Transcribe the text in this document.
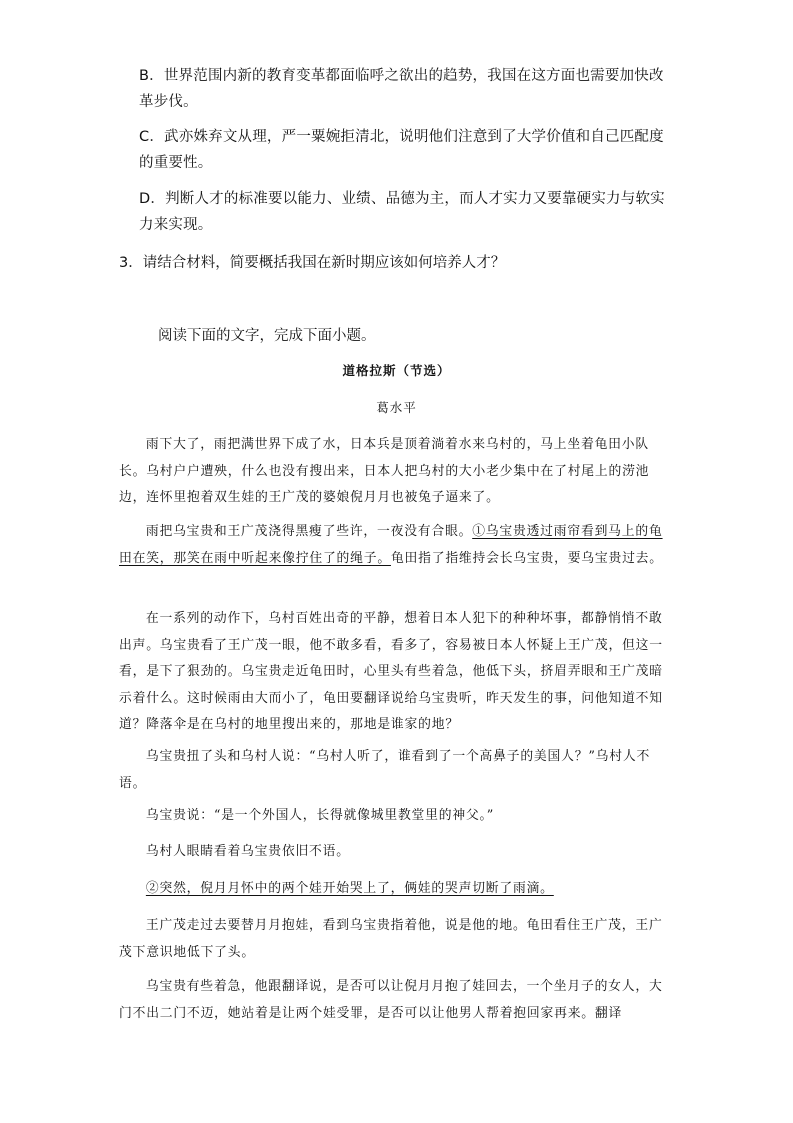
B．世界范围内新的教育变革都面临呼之欲出的趋势，我国在这方面也需要加快改革步伐。
C．武亦姝弃文从理，严一粟婉拒清北，说明他们注意到了大学价值和自己匹配度的重要性。
D．判断人才的标准要以能力、业绩、品德为主，而人才实力又要靠硬实力与软实力来实现。
3．请结合材料，简要概括我国在新时期应该如何培养人才？
阅读下面的文字，完成下面小题。
道格拉斯（节选）
葛水平
雨下大了，雨把满世界下成了水，日本兵是顶着淌着水来乌村的，马上坐着龟田小队长。乌村户户遭殃，什么也没有搜出来，日本人把乌村的大小老少集中在了村尾上的涝池边，连怀里抱着双生娃的王广茂的婆娘倪月月也被兔子逼来了。
雨把乌宝贵和王广茂浇得黑瘦了些许，一夜没有合眼。①乌宝贵透过雨帘看到马上的龟田在笑，那笑在雨中听起来像拧住了的绳子。龟田指了指维持会长乌宝贵，要乌宝贵过去。
在一系列的动作下，乌村百姓出奇的平静，想着日本人犯下的种种坏事，都静悄悄不敢出声。乌宝贵看了王广茂一眼，他不敢多看，看多了，容易被日本人怀疑上王广茂，但这一看，是下了狠劲的。乌宝贵走近龟田时，心里头有些着急，他低下头，挤眉弄眼和王广茂暗示着什么。这时候雨由大而小了，龟田要翻译说给乌宝贵听，昨天发生的事，问他知道不知道？降落伞是在乌村的地里搜出来的，那地是谁家的地？
乌宝贵扭了头和乌村人说：“乌村人听了，谁看到了一个高鼻子的美国人？”乌村人不语。
乌宝贵说：“是一个外国人，长得就像城里教堂里的神父。”
乌村人眼睛看着乌宝贵依旧不语。
②突然，倪月月怀中的两个娃开始哭上了，俩娃的哭声切断了雨滴。
王广茂走过去要替月月抱娃，看到乌宝贵指着他，说是他的地。龟田看住王广茂，王广茂下意识地低下了头。
乌宝贵有些着急，他跟翻译说，是否可以让倪月月抱了娃回去，一个坐月子的女人，大门不出二门不迈，她站着是让两个娃受罪，是否可以让他男人帮着抱回家再来。翻译
